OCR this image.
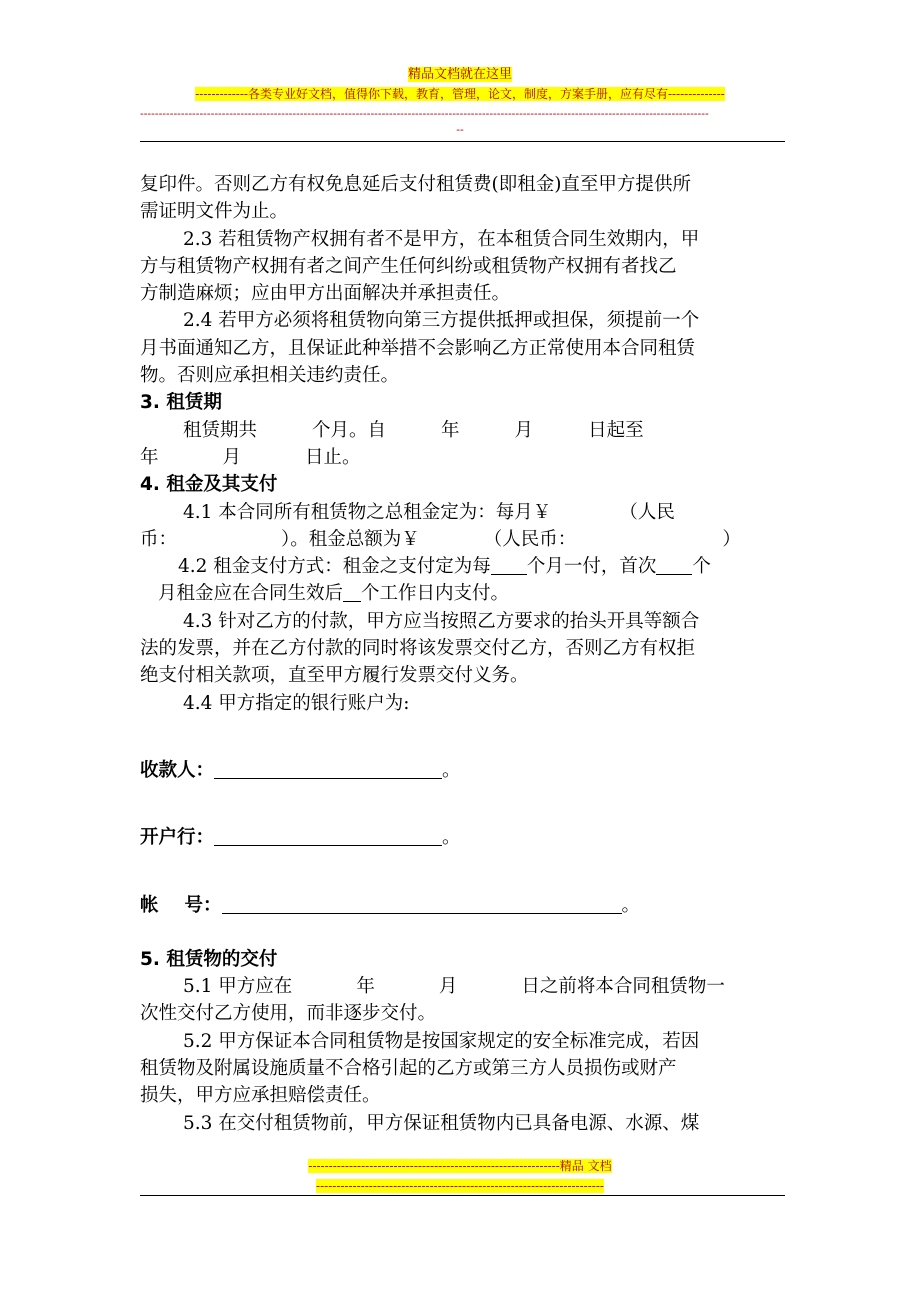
精品文档就在这里
-------------各类专业好文档，值得你下载，教育，管理，论文，制度，方案手册，应有尽有--------------
---------------------------------------------------------------------------------------------------------------------------------------------------------
--

复印件。否则乙方有权免息延后支付租赁费(即租金)直至甲方提供所

需证明文件为止。

2.3 若租赁物产权拥有者不是甲方，在本租赁合同生效期内，甲

方与租赁物产权拥有者之间产生任何纠纷或租赁物产权拥有者找乙

方制造麻烦；应由甲方出面解决并承担责任。

2.4 若甲方必须将租赁物向第三方提供抵押或担保，须提前一个

月书面通知乙方，且保证此种举措不会影响乙方正常使用本合同租赁

物。否则应承担相关违约责任。

3. 租赁期

租赁期共	个月。自	年	月	日起至

年	月	日止。

4. 租金及其支付

4.1 本合同所有租赁物之总租金定为：每月￥	（人民

币：	）。租金总额为￥	（人民币：	）

4.2 租金支付方式：租金之支付定为每 个月一付，首次 个

月租金应在合同生效后 个工作日内支付。

4.3 针对乙方的付款，甲方应当按照乙方要求的抬头开具等额合

法的发票，并在乙方付款的同时将该发票交付乙方，否则乙方有权拒

绝支付相关款项，直至甲方履行发票交付义务。

4.4 甲方指定的银行账户为:

收款人：	。

开户行：	。

帐 号：	。

5. 租赁物的交付

5.1 甲方应在	年	月	日之前将本合同租赁物一

次性交付乙方使用，而非逐步交付。

5.2 甲方保证本合同租赁物是按国家规定的安全标准完成，若因

租赁物及附属设施质量不合格引起的乙方或第三方人员损伤或财产

损失，甲方应承担赔偿责任。

5.3 在交付租赁物前，甲方保证租赁物内已具备电源、水源、煤

--------------------------------------------------------------精品 文档
-----------------------------------------------------------------------
